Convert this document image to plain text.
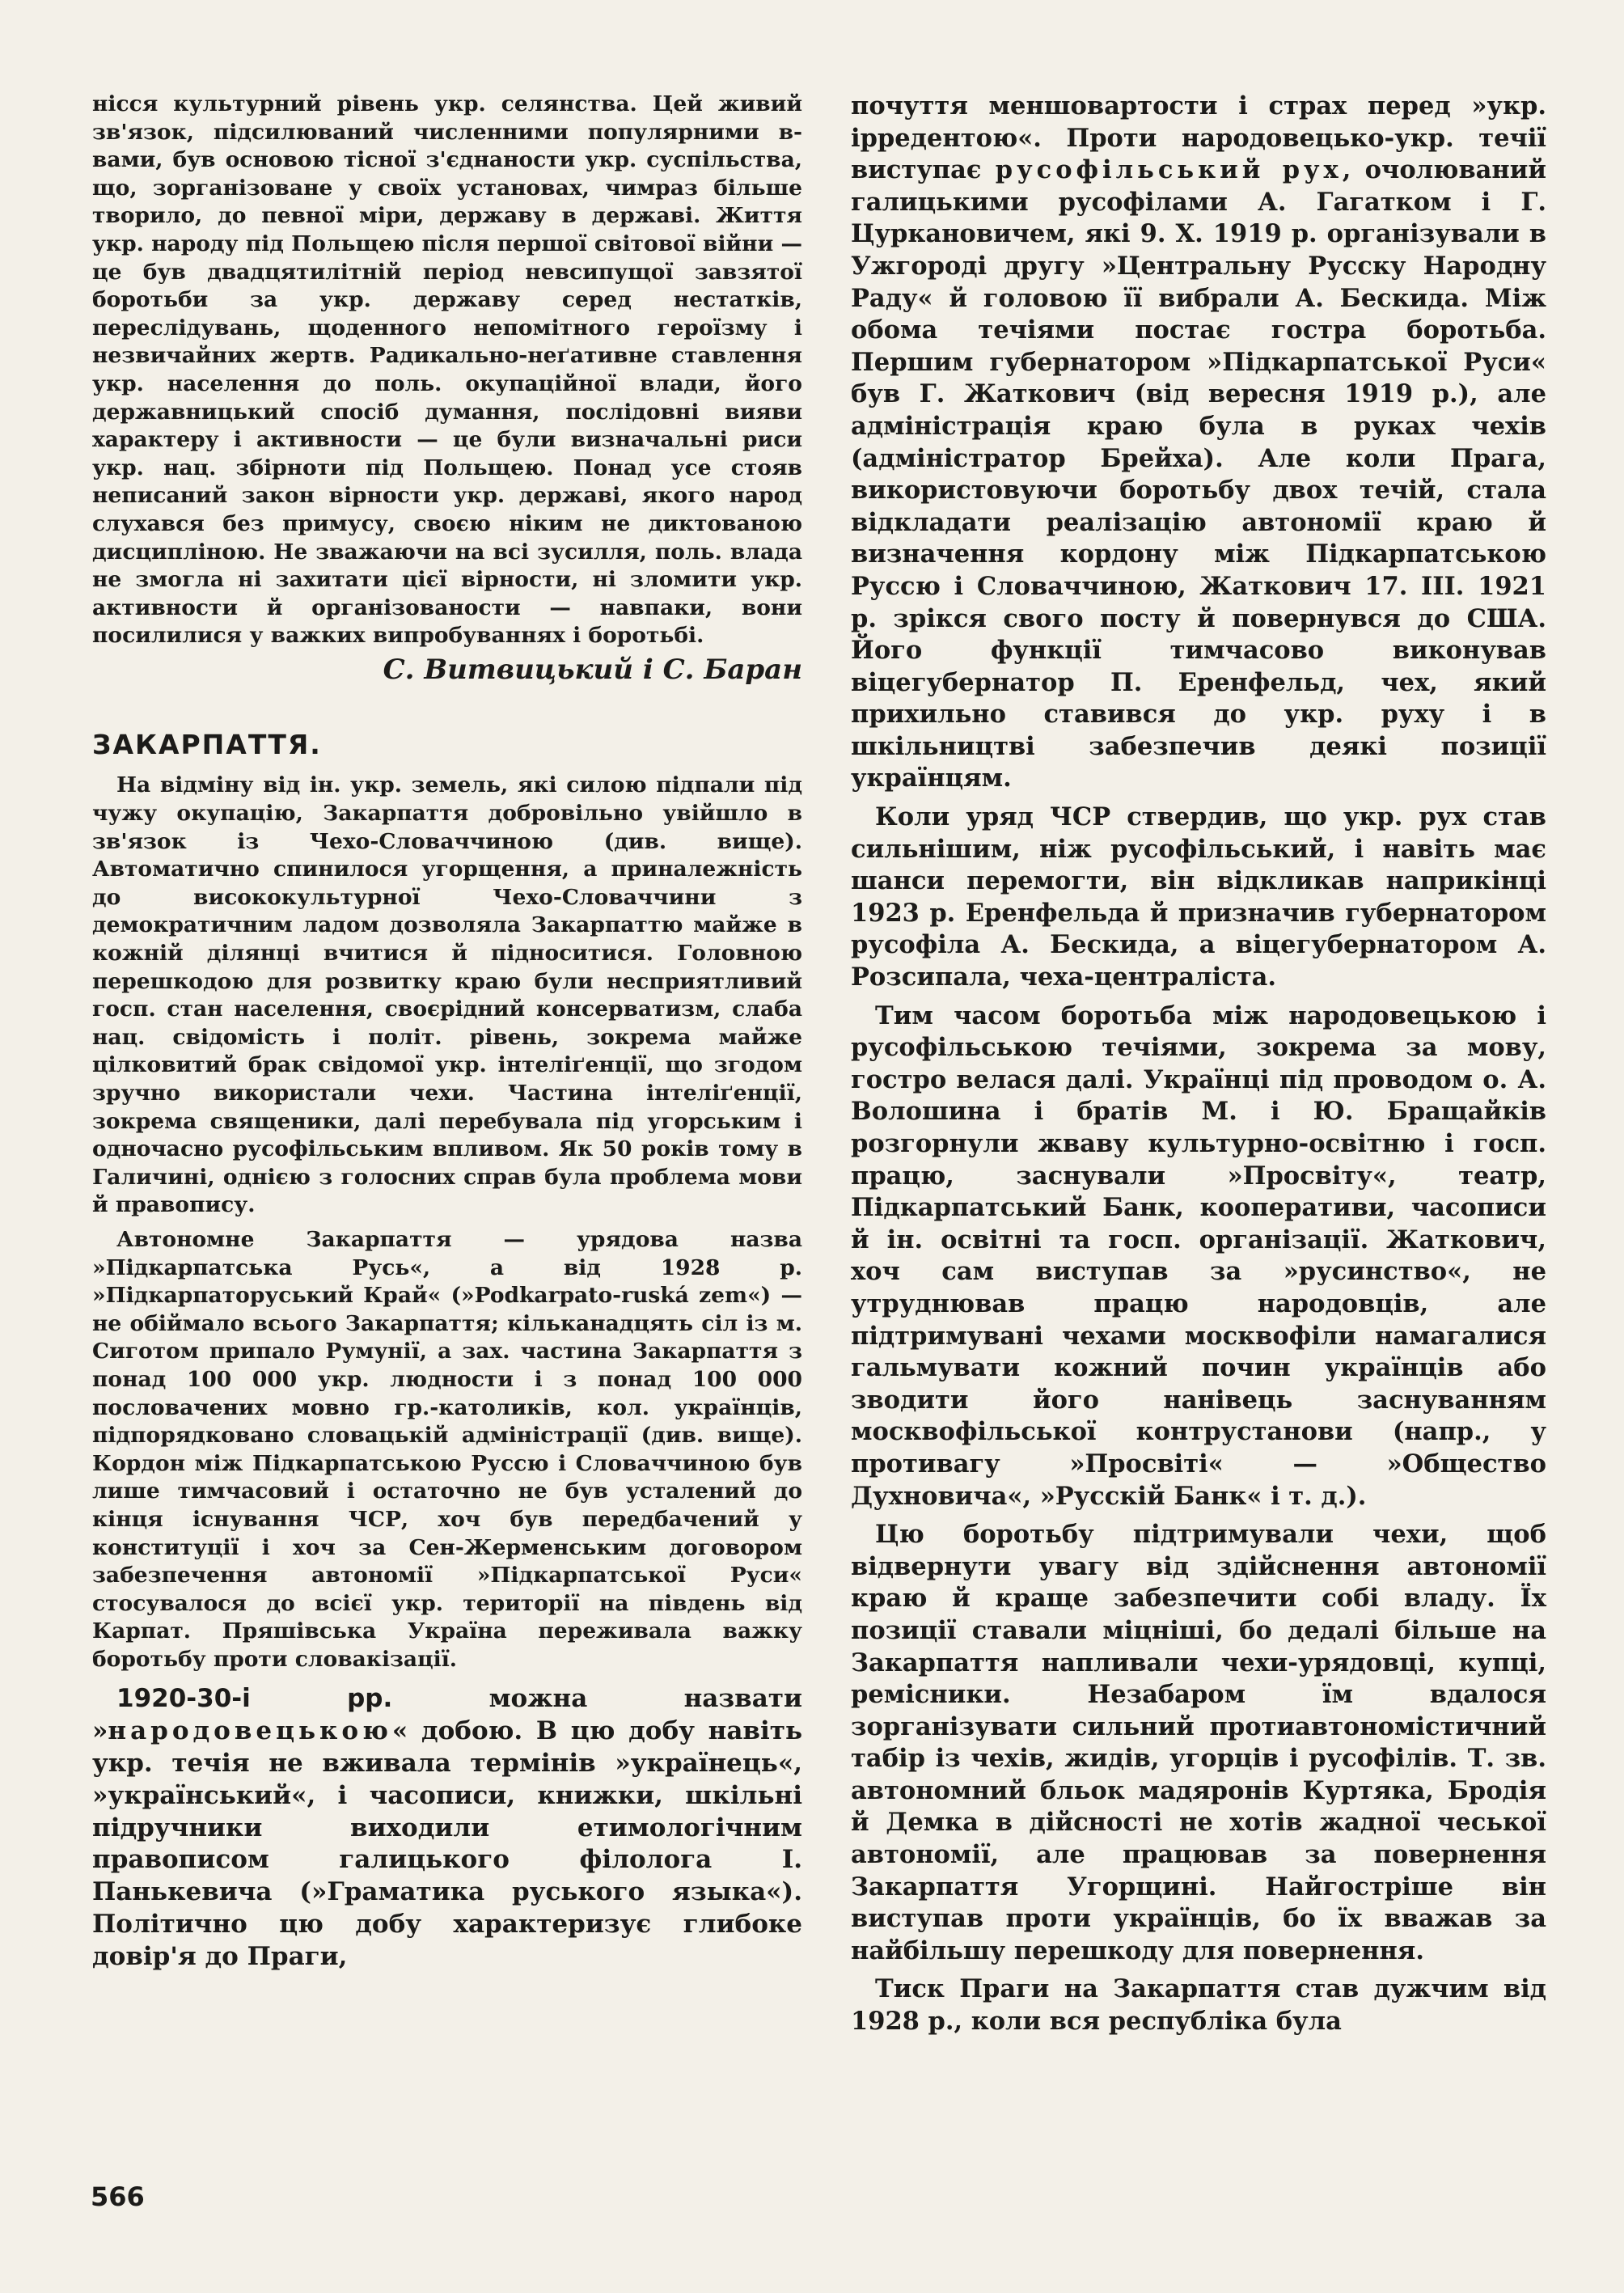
нісся культурний рівень укр. селянства. Цей живий зв'язок, підсилюваний численними популярними в-вами, був основою тісної з'єднаности укр. суспільства, що, зорганізоване у своїх установах, чимраз більше творило, до певної міри, державу в державі. Життя укр. народу під Польщею після першої світової війни — це був двадцятилітній період невсипущої завзятої боротьби за укр. державу серед нестатків, переслідувань, щоденного непомітного героїзму і незвичайних жертв. Радикально-неґативне ставлення укр. населення до поль. окупаційної влади, його державницький спосіб думання, послідовні вияви характеру і активности — це були визначальні риси укр. нац. збірноти під Польщею. Понад усе стояв неписаний закон вірности укр. державі, якого народ слухався без примусу, своєю ніким не диктованою дисципліною. Не зважаючи на всі зусилля, поль. влада не змогла ні захитати цієї вірности, ні зломити укр. активности й організованости — навпаки, вони посилилися у важких випробуваннях і боротьбі.

С. Витвицький і С. Баран

ЗАКАРПАТТЯ.

На відміну від ін. укр. земель, які силою підпали під чужу окупацію, Закарпаття добровільно увійшло в зв'язок із Чехо-Словаччиною (див. вище). Автоматично спинилося угорщення, а приналежність до висококультурної Чехо-Словаччини з демократичним ладом дозволяла Закарпаттю майже в кожній ділянці вчитися й підноситися. Головною перешкодою для розвитку краю були несприятливий госп. стан населення, своєрідний консерватизм, слаба нац. свідомість і політ. рівень, зокрема майже цілковитий брак свідомої укр. інтеліґенції, що згодом зручно використали чехи. Частина інтеліґенції, зокрема священики, далі перебувала під угорським і одночасно русофільським впливом. Як 50 років тому в Галичині, однією з голосних справ була проблема мови й правопису.

Автономне Закарпаття — урядова назва »Підкарпатська Русь«, а від 1928 р. »Підкарпаторуський Край« (»Podkarpato-ruská zem«) — не обіймало всього Закарпаття; кільканадцять сіл із м. Сиготом припало Румунії, а зах. частина Закарпаття з понад 100 000 укр. людности і з понад 100 000 пословачених мовно гр.-католиків, кол. українців, підпорядковано словацькій адміністрації (див. вище). Кордон між Підкарпатською Руссю і Словаччиною був лише тимчасовий і остаточно не був усталений до кінця існування ЧСР, хоч був передбачений у конституції і хоч за Сен-Жерменським договором забезпечення автономії »Підкарпатської Руси« стосувалося до всієї укр. території на південь від Карпат. Пряшівська Україна переживала важку боротьбу проти словакізації.

1920-30-і рр. можна назвати »народовецькою« добою. В цю добу навіть укр. течія не вживала термінів »українець«, »український«, і часописи, книжки, шкільні підручники виходили етимологічним правописом галицького філолога І. Панькевича (»Граматика руського языка«). Політично цю добу характеризує глибоке довір'я до Праги,

почуття меншовартости і страх перед »укр. ірредентою«. Проти народовецько-укр. течії виступає русофільський рух, очолюваний галицькими русофілами А. Гагатком і Г. Цуркановичем, які 9. X. 1919 р. організували в Ужгороді другу »Центральну Русску Народну Раду« й головою її вибрали А. Бескида. Між обома течіями постає гостра боротьба. Першим губернатором »Підкарпатської Руси« був Г. Жаткович (від вересня 1919 р.), але адміністрація краю була в руках чехів (адміністратор Брейха). Але коли Прага, використовуючи боротьбу двох течій, стала відкладати реалізацію автономії краю й визначення кордону між Підкарпатською Руссю і Словаччиною, Жаткович 17. III. 1921 р. зрікся свого посту й повернувся до США. Його функції тимчасово виконував віцегубернатор П. Еренфельд, чех, який прихильно ставився до укр. руху і в шкільництві забезпечив деякі позиції українцям.

Коли уряд ЧСР ствердив, що укр. рух став сильнішим, ніж русофільський, і навіть має шанси перемогти, він відкликав наприкінці 1923 р. Еренфельда й призначив губернатором русофіла А. Бескида, а віцегубернатором А. Розсипала, чеха-централіста.

Тим часом боротьба між народовецькою і русофільською течіями, зокрема за мову, гостро велася далі. Українці під проводом о. А. Волошина і братів М. і Ю. Бращайків розгорнули жваву культурно-освітню і госп. працю, заснували »Просвіту«, театр, Підкарпатський Банк, кооперативи, часописи й ін. освітні та госп. організації. Жаткович, хоч сам виступав за »русинство«, не утруднював працю народовців, але підтримувані чехами москвофіли намагалися гальмувати кожний почин українців або зводити його нанівець заснуванням москвофільської контрустанови (напр., у противагу »Просвіті« — »Общество Духновича«, »Русскій Банк« і т. д.).

Цю боротьбу підтримували чехи, щоб відвернути увагу від здійснення автономії краю й краще забезпечити собі владу. Їх позиції ставали міцніші, бо дедалі більше на Закарпаття напливали чехи-урядовці, купці, ремісники. Незабаром їм вдалося зорганізувати сильний протиавтономістичний табір із чехів, жидів, угорців і русофілів. Т. зв. автономний бльок мадяронів Куртяка, Бродія й Демка в дійсності не хотів жадної чеської автономії, але працював за повернення Закарпаття Угорщині. Найгостріше він виступав проти українців, бо їх вважав за найбільшу перешкоду для повернення.

Тиск Праги на Закарпаття став дужчим від 1928 р., коли вся республіка була

566
